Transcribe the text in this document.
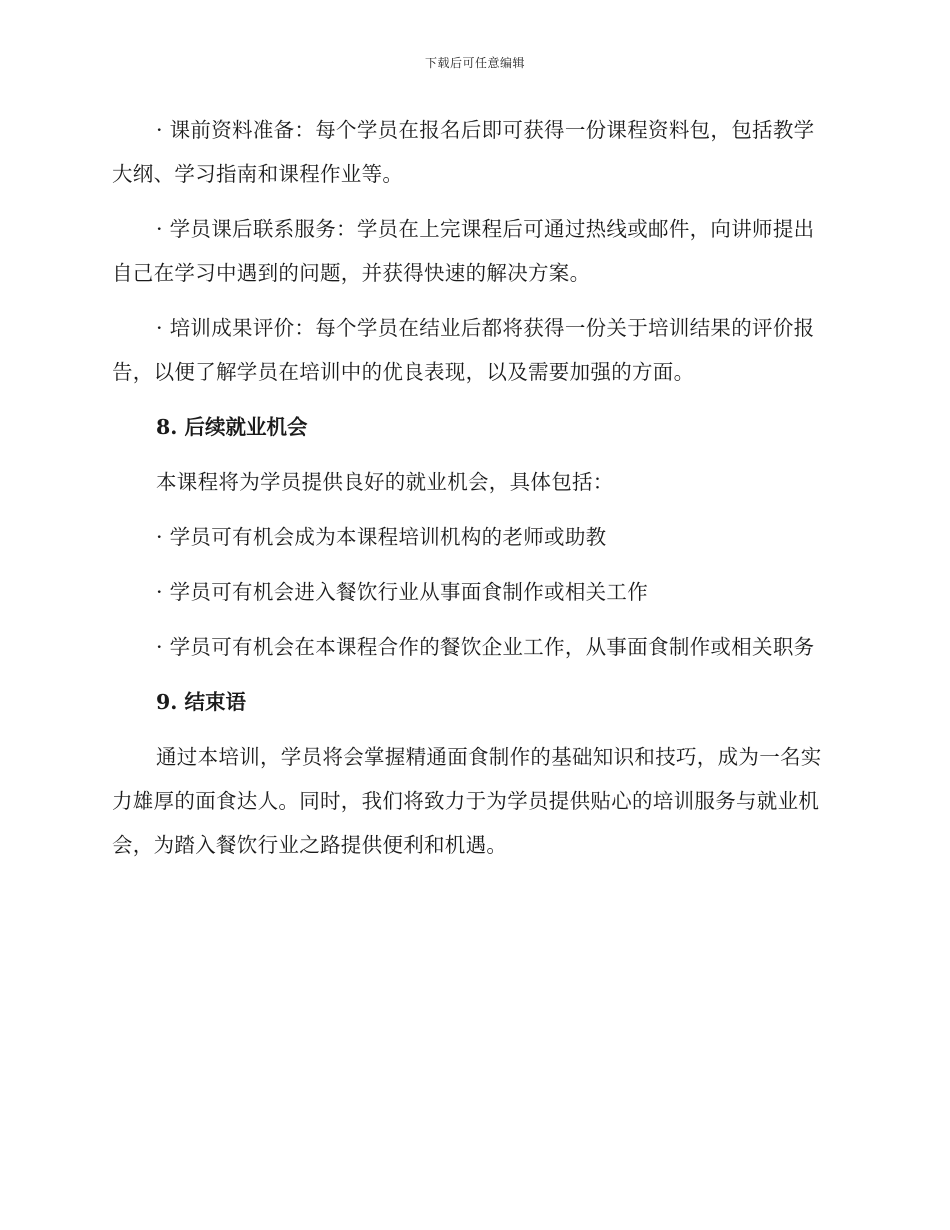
下载后可任意编辑

· 课前资料准备：每个学员在报名后即可获得一份课程资料包，包括教学大纲、学习指南和课程作业等。

· 学员课后联系服务：学员在上完课程后可通过热线或邮件，向讲师提出自己在学习中遇到的问题，并获得快速的解决方案。

· 培训成果评价：每个学员在结业后都将获得一份关于培训结果的评价报告，以便了解学员在培训中的优良表现，以及需要加强的方面。

8. 后续就业机会

本课程将为学员提供良好的就业机会，具体包括：

· 学员可有机会成为本课程培训机构的老师或助教

· 学员可有机会进入餐饮行业从事面食制作或相关工作

· 学员可有机会在本课程合作的餐饮企业工作，从事面食制作或相关职务

9. 结束语

通过本培训，学员将会掌握精通面食制作的基础知识和技巧，成为一名实力雄厚的面食达人。同时，我们将致力于为学员提供贴心的培训服务与就业机会，为踏入餐饮行业之路提供便利和机遇。
